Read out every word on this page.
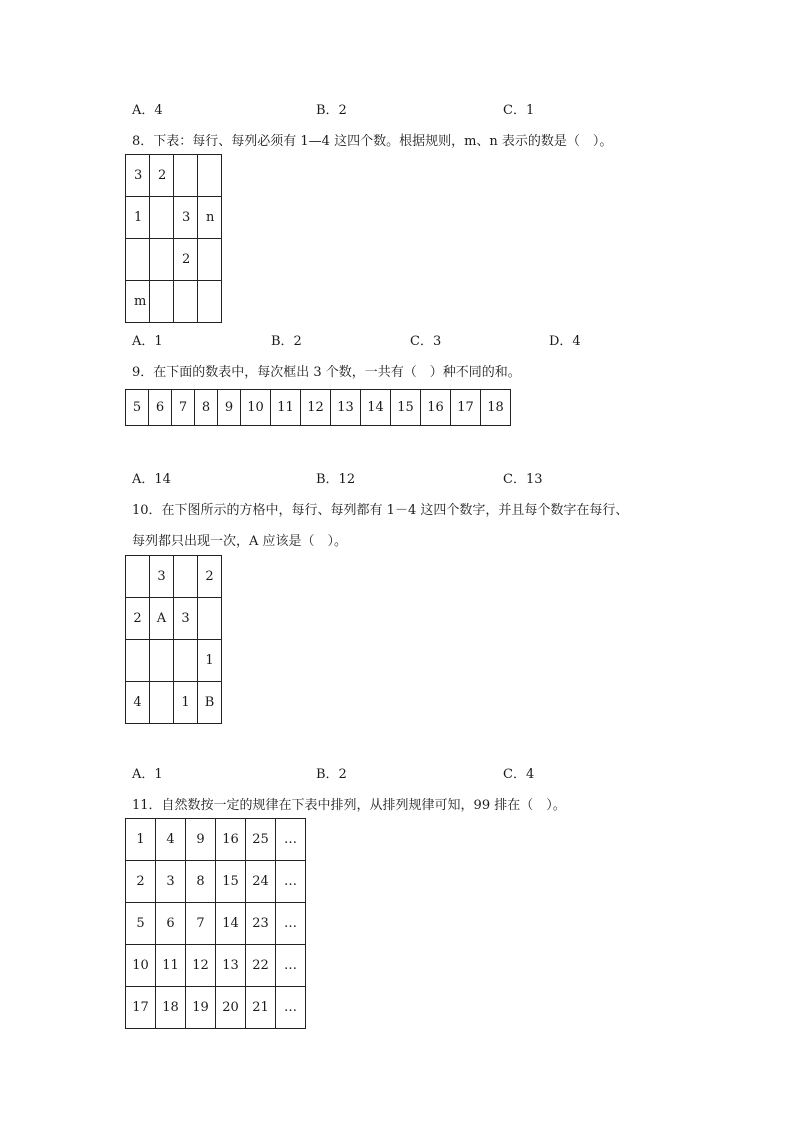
A．4	B．2	C．1
8．下表：每行、每列必须有 1—4 这四个数。根据规则，m、n 表示的数是（　）。
3	2		
1		3	n
		2	
m			
A．1	B．2	C．3	D．4
9．在下面的数表中，每次框出 3 个数，一共有（　）种不同的和。
5	6	7	8	9	10	11	12	13	14	15	16	17	18
A．14	B．12	C．13
10．在下图所示的方格中，每行、每列都有 1－4 这四个数字，并且每个数字在每行、
每列都只出现一次，A 应该是（　）。
	3		2
2	A	3	
			1
4		1	B
A．1	B．2	C．4
11．自然数按一定的规律在下表中排列，从排列规律可知，99 排在（　）。
1	4	9	16	25	…
2	3	8	15	24	…
5	6	7	14	23	…
10	11	12	13	22	…
17	18	19	20	21	…
